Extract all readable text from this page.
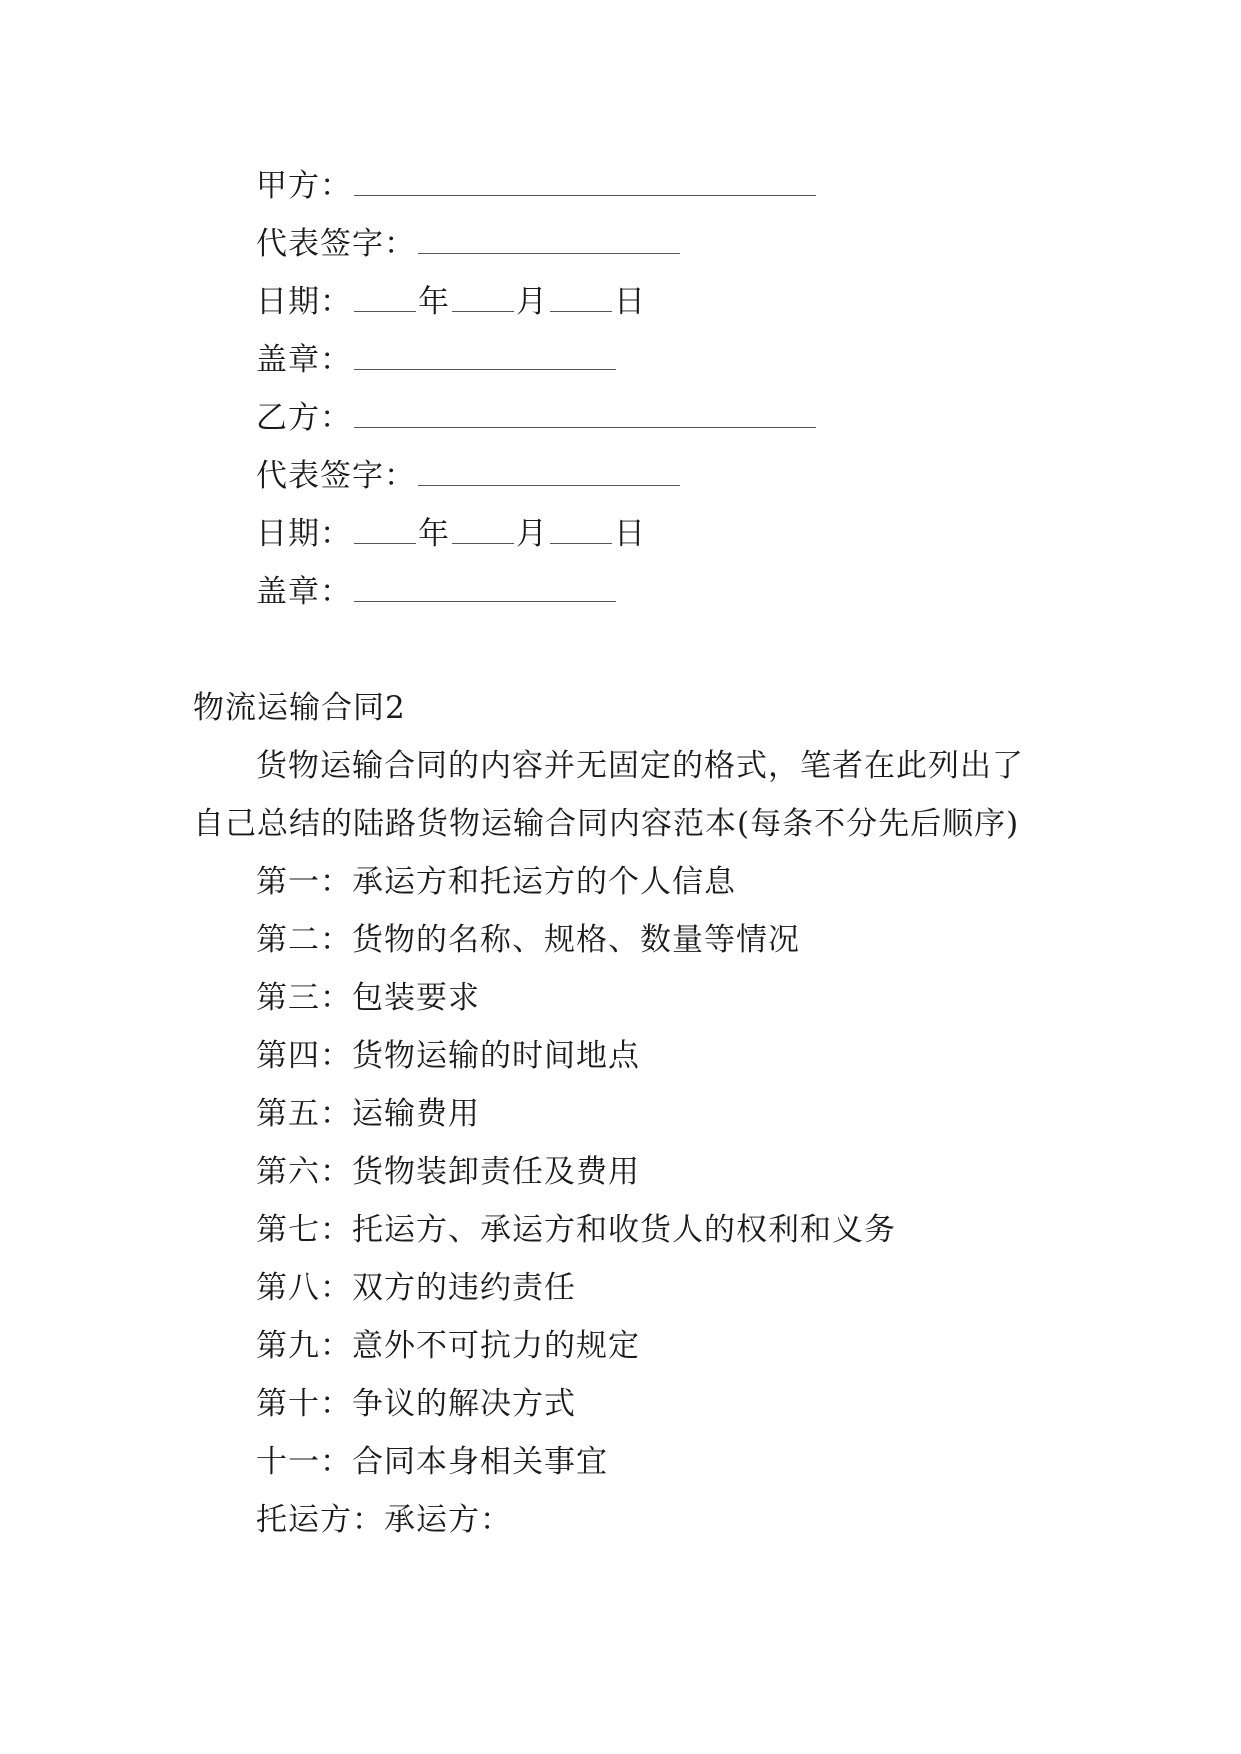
甲方：
代表签字：
日期： 年 月 日
盖章：
乙方：
代表签字：
日期： 年 月 日
盖章：
物流运输合同2
货物运输合同的内容并无固定的格式，笔者在此列出了
自己总结的陆路货物运输合同内容范本(每条不分先后顺序)
第一：承运方和托运方的个人信息
第二：货物的名称、规格、数量等情况
第三：包装要求
第四：货物运输的时间地点
第五：运输费用
第六：货物装卸责任及费用
第七：托运方、承运方和收货人的权利和义务
第八：双方的违约责任
第九：意外不可抗力的规定
第十：争议的解决方式
十一：合同本身相关事宜
托运方：承运方：
